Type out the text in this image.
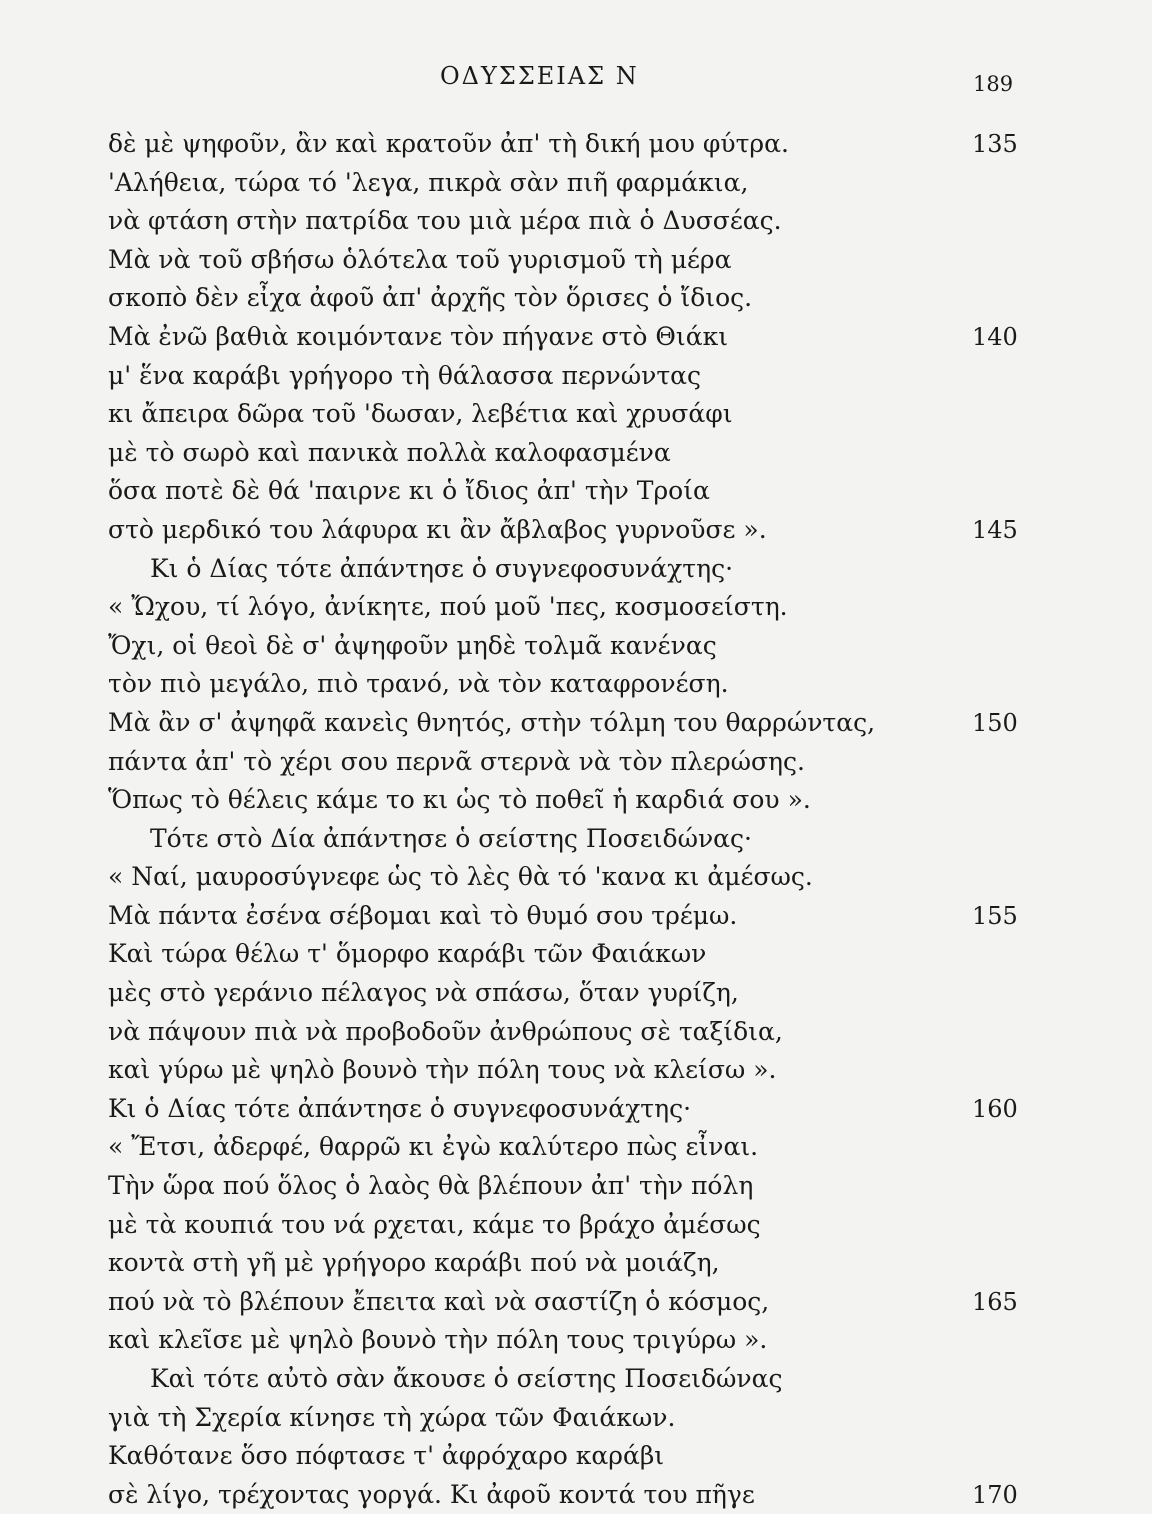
ΟΔΥΣΣΕΙΑΣ Ν	189
δὲ μὲ ψηφοῦν, ἂν καὶ κρατοῦν ἀπ' τὴ δική μου φύτρα.	135
'Αλήθεια, τώρα τό 'λεγα, πικρὰ σὰν πιῆ φαρμάκια,
νὰ φτάση στὴν πατρίδα του μιὰ μέρα πιὰ ὁ Δυσσέας.
Μὰ νὰ τοῦ σβήσω ὁλότελα τοῦ γυρισμοῦ τὴ μέρα
σκοπὸ δὲν εἶχα ἀφοῦ ἀπ' ἀρχῆς τὸν ὅρισες ὁ ἴδιος.
Μὰ ἐνῶ βαθιὰ κοιμόντανε τὸν πήγανε στὸ Θιάκι	140
μ' ἕνα καράβι γρήγορο τὴ θάλασσα περνώντας
κι ἄπειρα δῶρα τοῦ 'δωσαν, λεβέτια καὶ χρυσάφι
μὲ τὸ σωρὸ καὶ πανικὰ πολλὰ καλοφασμένα
ὅσα ποτὲ δὲ θά 'παιρνε κι ὁ ἴδιος ἀπ' τὴν Τροία
στὸ μερδικό του λάφυρα κι ἂν ἄβλαβος γυρνοῦσε ».	145
Κι ὁ Δίας τότε ἀπάντησε ὁ συγνεφοσυνάχτης·
« Ὤχου, τί λόγο, ἀνίκητε, πού μοῦ 'πες, κοσμοσείστη.
Ὄχι, οἱ θεοὶ δὲ σ' ἀψηφοῦν μηδὲ τολμᾶ κανένας
τὸν πιὸ μεγάλο, πιὸ τρανό, νὰ τὸν καταφρονέση.
Μὰ ἂν σ' ἀψηφᾶ κανεὶς θνητός, στὴν τόλμη του θαρρώντας,	150
πάντα ἀπ' τὸ χέρι σου περνᾶ στερνὰ νὰ τὸν πλερώσης.
Ὅπως τὸ θέλεις κάμε το κι ὡς τὸ ποθεῖ ἡ καρδιά σου ».
Τότε στὸ Δία ἀπάντησε ὁ σείστης Ποσειδώνας·
« Ναί, μαυροσύγνεφε ὡς τὸ λὲς θὰ τό 'κανα κι ἀμέσως.
Μὰ πάντα ἐσένα σέβομαι καὶ τὸ θυμό σου τρέμω.	155
Καὶ τώρα θέλω τ' ὅμορφο καράβι τῶν Φαιάκων
μὲς στὸ γεράνιο πέλαγος νὰ σπάσω, ὅταν γυρίζη,
νὰ πάψουν πιὰ νὰ προβοδοῦν ἀνθρώπους σὲ ταξίδια,
καὶ γύρω μὲ ψηλὸ βουνὸ τὴν πόλη τους νὰ κλείσω ».
Κι ὁ Δίας τότε ἀπάντησε ὁ συγνεφοσυνάχτης·	160
« Ἔτσι, ἀδερφέ, θαρρῶ κι ἐγὼ καλύτερο πὼς εἶναι.
Τὴν ὥρα πού ὅλος ὁ λαὸς θὰ βλέπουν ἀπ' τὴν πόλη
μὲ τὰ κουπιά του νά ρχεται, κάμε το βράχο ἀμέσως
κοντὰ στὴ γῆ μὲ γρήγορο καράβι πού νὰ μοιάζη,
πού νὰ τὸ βλέπουν ἔπειτα καὶ νὰ σαστίζη ὁ κόσμος,	165
καὶ κλεῖσε μὲ ψηλὸ βουνὸ τὴν πόλη τους τριγύρω ».
Καὶ τότε αὐτὸ σὰν ἄκουσε ὁ σείστης Ποσειδώνας
γιὰ τὴ Σχερία κίνησε τὴ χώρα τῶν Φαιάκων.
Καθότανε ὅσο πόφτασε τ' ἀφρόχαρο καράβι
σὲ λίγο, τρέχοντας γοργά. Κι ἀφοῦ κοντά του πῆγε	170
